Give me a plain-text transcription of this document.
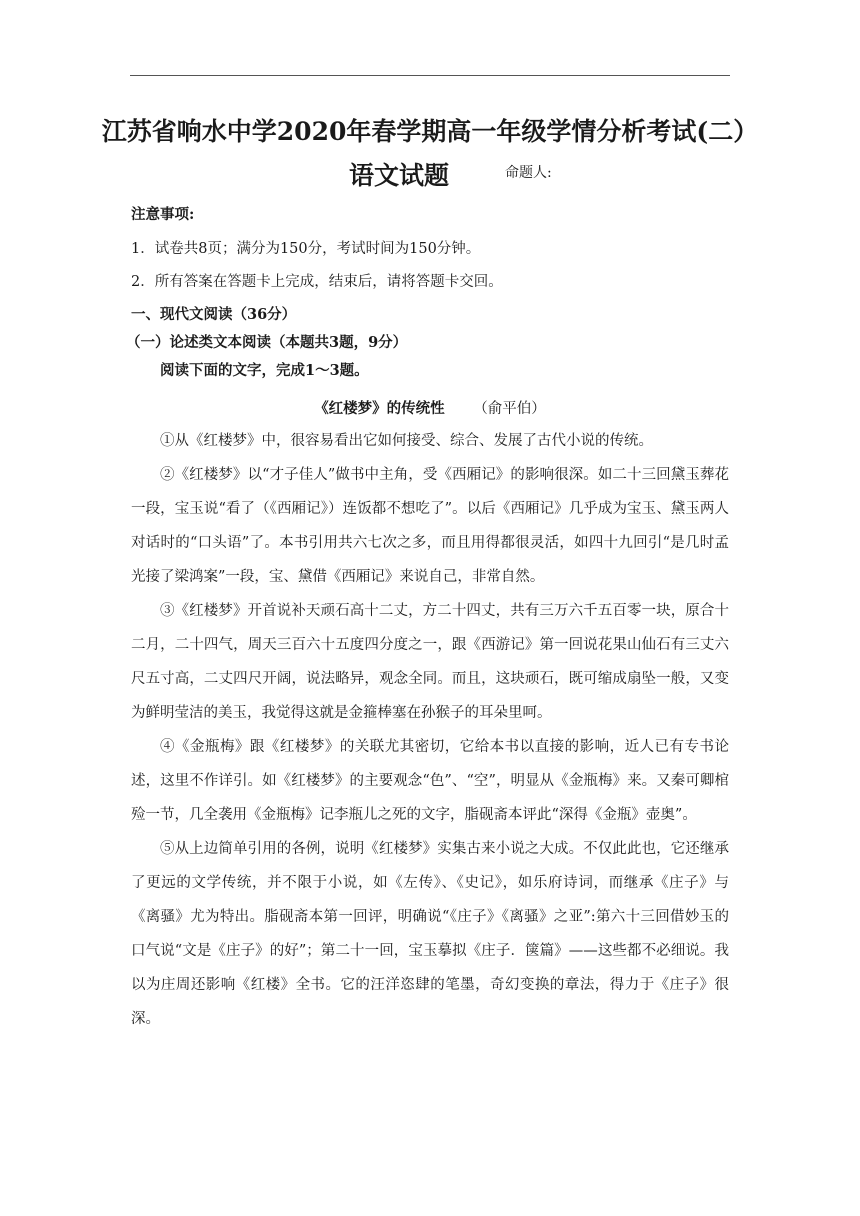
江苏省响水中学2020年春学期高一年级学情分析考试(二）
语文试题	命题人:
注意事项:
1．试卷共8页；满分为150分，考试时间为150分钟。
2．所有答案在答题卡上完成，结束后，请将答题卡交回。
一、现代文阅读（36分）
（一）论述类文本阅读（本题共3题，9分）
阅读下面的文字，完成1～3题。
《红楼梦》的传统性 （俞平伯）

①从《红楼梦》中，很容易看出它如何接受、综合、发展了古代小说的传统。

②《红楼梦》以“才子佳人”做书中主角，受《西厢记》的影响很深。如二十三回黛玉葬花一段，宝玉说“看了（《西厢记》）连饭都不想吃了”。以后《西厢记》几乎成为宝玉、黛玉两人对话时的“口头语”了。本书引用共六七次之多，而且用得都很灵活，如四十九回引“是几时孟光接了梁鸿案”一段，宝、黛借《西厢记》来说自己，非常自然。

③《红楼梦》开首说补天顽石高十二丈，方二十四丈，共有三万六千五百零一块，原合十二月，二十四气，周天三百六十五度四分度之一，跟《西游记》第一回说花果山仙石有三丈六尺五寸高，二丈四尺开阔，说法略异，观念全同。而且，这块顽石，既可缩成扇坠一般，又变为鲜明莹洁的美玉，我觉得这就是金箍棒塞在孙猴子的耳朵里呵。

④《金瓶梅》跟《红楼梦》的关联尤其密切，它给本书以直接的影响，近人已有专书论述，这里不作详引。如《红楼梦》的主要观念“色”、“空”，明显从《金瓶梅》来。又秦可卿棺殓一节，几全袭用《金瓶梅》记李瓶儿之死的文字，脂砚斋本评此“深得《金瓶》壶奥”。

⑤从上边简单引用的各例，说明《红楼梦》实集古来小说之大成。不仅此此也，它还继承了更远的文学传统，并不限于小说，如《左传》、《史记》，如乐府诗词，而继承《庄子》与《离骚》尤为特出。脂砚斋本第一回评，明确说“《庄子》《离骚》之亚”:第六十三回借妙玉的口气说“文是《庄子》的好”；第二十一回，宝玉摹拟《庄子．箧篇》——这些都不必细说。我以为庄周还影响《红楼》全书。它的汪洋恣肆的笔墨，奇幻变换的章法，得力于《庄子》很深。
